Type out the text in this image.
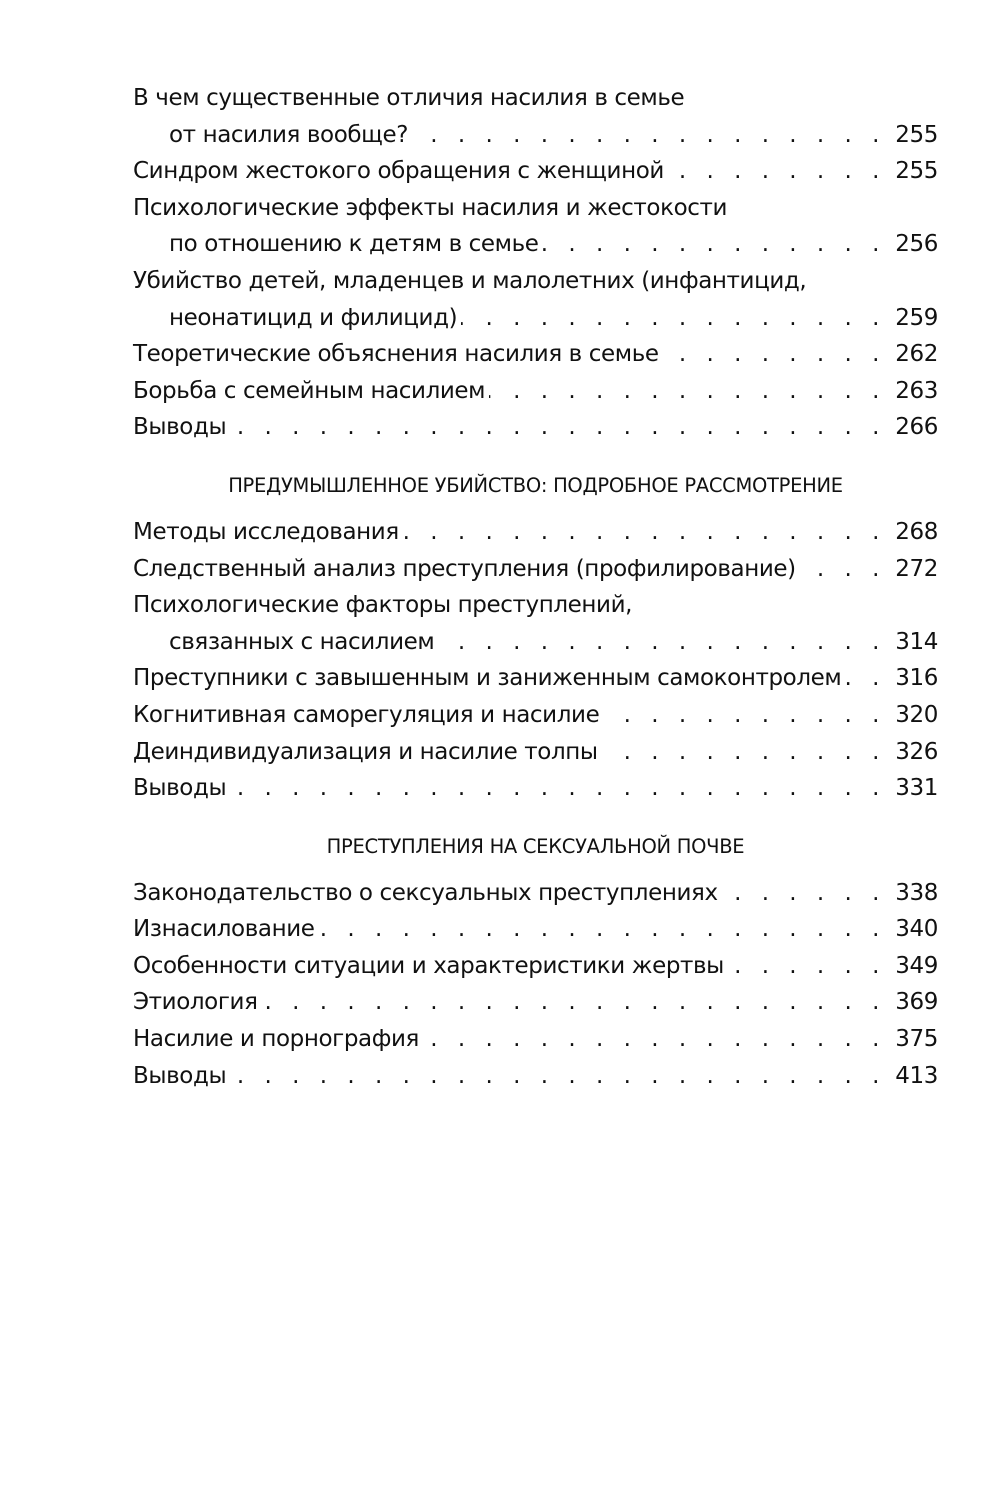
В чем существенные отличия насилия в семье
от насилия вообще? . . .	255
Синдром жестокого обращения с женщиной . . .	255
Психологические эффекты насилия и жестокости
по отношению к детям в семье . . .	256
Убийство детей, младенцев и малолетних (инфантицид,
неонатицид и филицид) . . .	259
Теоретические объяснения насилия в семье . . .	262
Борьба с семейным насилием . . .	263
Выводы . . .	266
ПРЕДУМЫШЛЕННОЕ УБИЙСТВО: ПОДРОБНОЕ РАССМОТРЕНИЕ
Методы исследования . . .	268
Следственный анализ преступления (профилирование) . . .	272
Психологические факторы преступлений,
связанных с насилием . . .	314
Преступники с завышенным и заниженным самоконтролем . . . 316
Когнитивная саморегуляция и насилие . . .	320
Деиндивидуализация и насилие толпы . . .	326
Выводы . . .	331
ПРЕСТУПЛЕНИЯ НА СЕКСУАЛЬНОЙ ПОЧВЕ
Законодательство о сексуальных преступлениях . . .	338
Изнасилование . . .	340
Особенности ситуации и характеристики жертвы . . .	349
Этиология . . .	369
Насилие и порнография . . .	375
Выводы . . .	413
